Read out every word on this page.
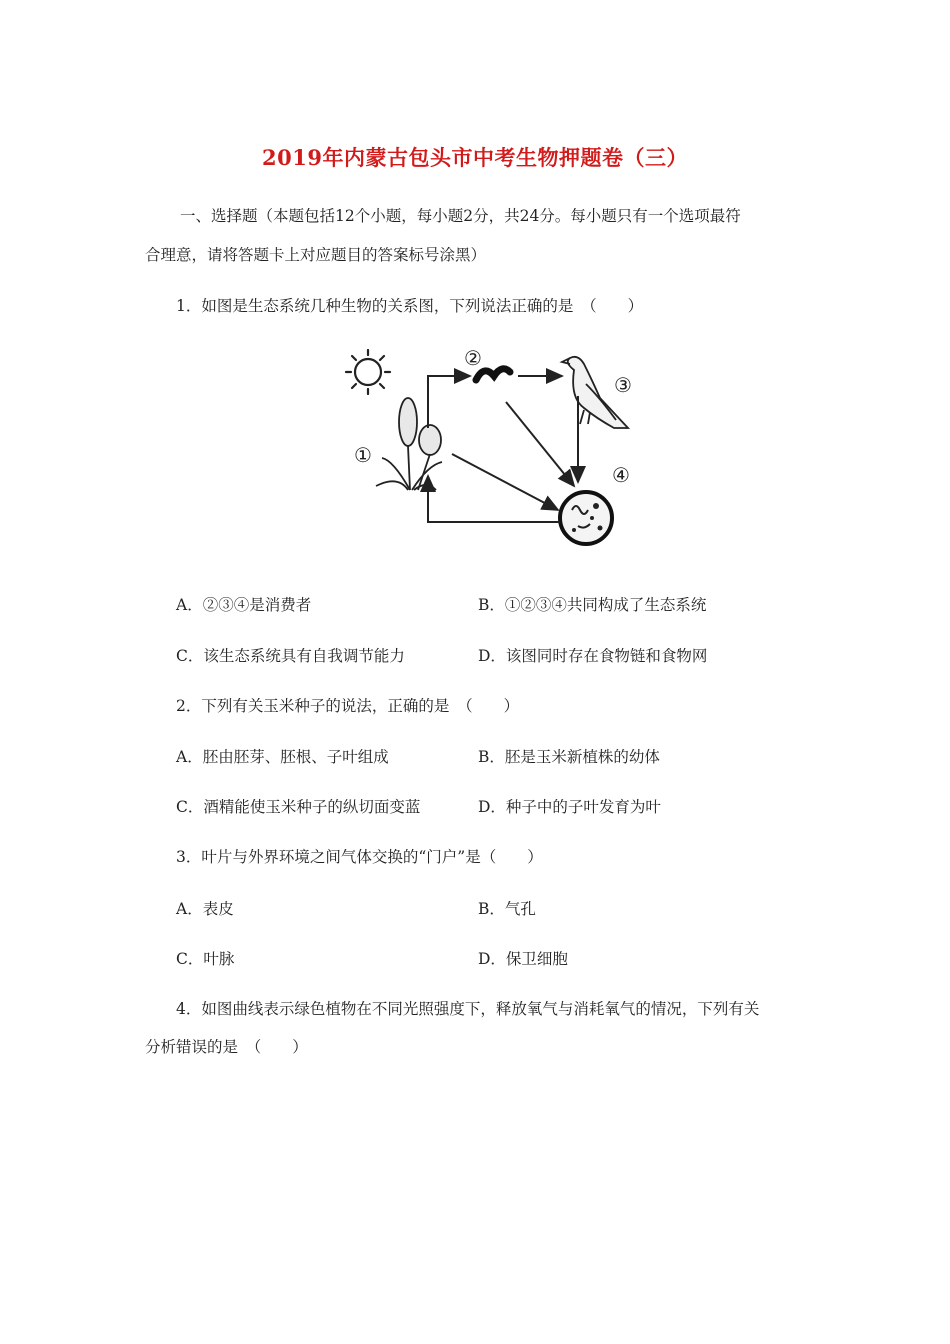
2019年内蒙古包头市中考生物押题卷（三）
一、选择题（本题包括12个小题，每小题2分，共24分。每小题只有一个选项最符
合理意，请将答题卡上对应题目的答案标号涂黑）
1．如图是生态系统几种生物的关系图，下列说法正确的是　（　　）
①
②
③
④
A．②③④是消费者	B．①②③④共同构成了生态系统
C．该生态系统具有自我调节能力	D．该图同时存在食物链和食物网
2．下列有关玉米种子的说法，正确的是　（　　）
A．胚由胚芽、胚根、子叶组成	B．胚是玉米新植株的幼体
C．酒精能使玉米种子的纵切面变蓝	D．种子中的子叶发育为叶
3．叶片与外界环境之间气体交换的“门户”是（　　）
A．表皮	B．气孔
C．叶脉	D．保卫细胞
4．如图曲线表示绿色植物在不同光照强度下，释放氧气与消耗氧气的情况，下列有关
分析错误的是　（　　）
